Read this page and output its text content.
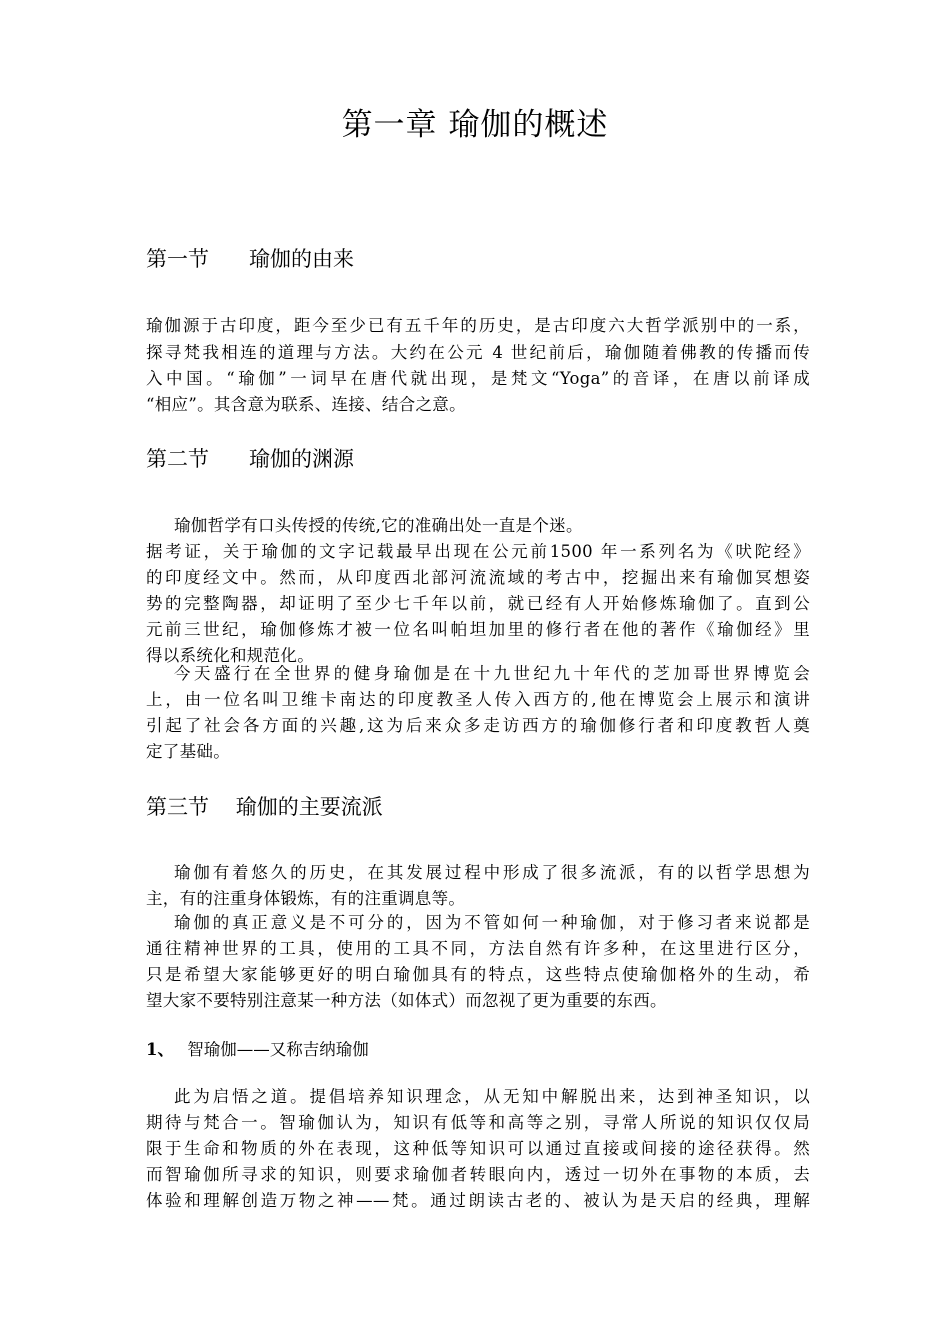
第一章 瑜伽的概述
第一节      瑜伽的由来
瑜伽源于古印度，距今至少已有五千年的历史，是古印度六大哲学派别中的一系，
探寻梵我相连的道理与方法。大约在公元 4 世纪前后，瑜伽随着佛教的传播而传
入中国。“瑜伽”一词早在唐代就出现，是梵文“Yoga”的音译，在唐以前译成
“相应”。其含意为联系、连接、结合之意。
第二节      瑜伽的渊源
瑜伽哲学有口头传授的传统,它的准确出处一直是个迷。
据考证，关于瑜伽的文字记载最早出现在公元前1500 年一系列名为《吠陀经》
的印度经文中。然而，从印度西北部河流流域的考古中，挖掘出来有瑜伽冥想姿
势的完整陶器，却证明了至少七千年以前，就已经有人开始修炼瑜伽了。直到公
元前三世纪，瑜伽修炼才被一位名叫帕坦加里的修行者在他的著作《瑜伽经》里
得以系统化和规范化。
今天盛行在全世界的健身瑜伽是在十九世纪九十年代的芝加哥世界博览会
上，由一位名叫卫维卡南达的印度教圣人传入西方的,他在博览会上展示和演讲
引起了社会各方面的兴趣,这为后来众多走访西方的瑜伽修行者和印度教哲人奠
定了基础。
第三节    瑜伽的主要流派
瑜伽有着悠久的历史，在其发展过程中形成了很多流派，有的以哲学思想为
主，有的注重身体锻炼，有的注重调息等。
瑜伽的真正意义是不可分的，因为不管如何一种瑜伽，对于修习者来说都是
通往精神世界的工具，使用的工具不同，方法自然有许多种，在这里进行区分，
只是希望大家能够更好的明白瑜伽具有的特点，这些特点使瑜伽格外的生动，希
望大家不要特别注意某一种方法（如体式）而忽视了更为重要的东西。
1、 智瑜伽——又称吉纳瑜伽
此为启悟之道。提倡培养知识理念，从无知中解脱出来，达到神圣知识，以
期待与梵合一。智瑜伽认为，知识有低等和高等之别，寻常人所说的知识仅仅局
限于生命和物质的外在表现，这种低等知识可以通过直接或间接的途径获得。然
而智瑜伽所寻求的知识，则要求瑜伽者转眼向内，透过一切外在事物的本质，去
体验和理解创造万物之神——梵。通过朗读古老的、被认为是天启的经典，理解
